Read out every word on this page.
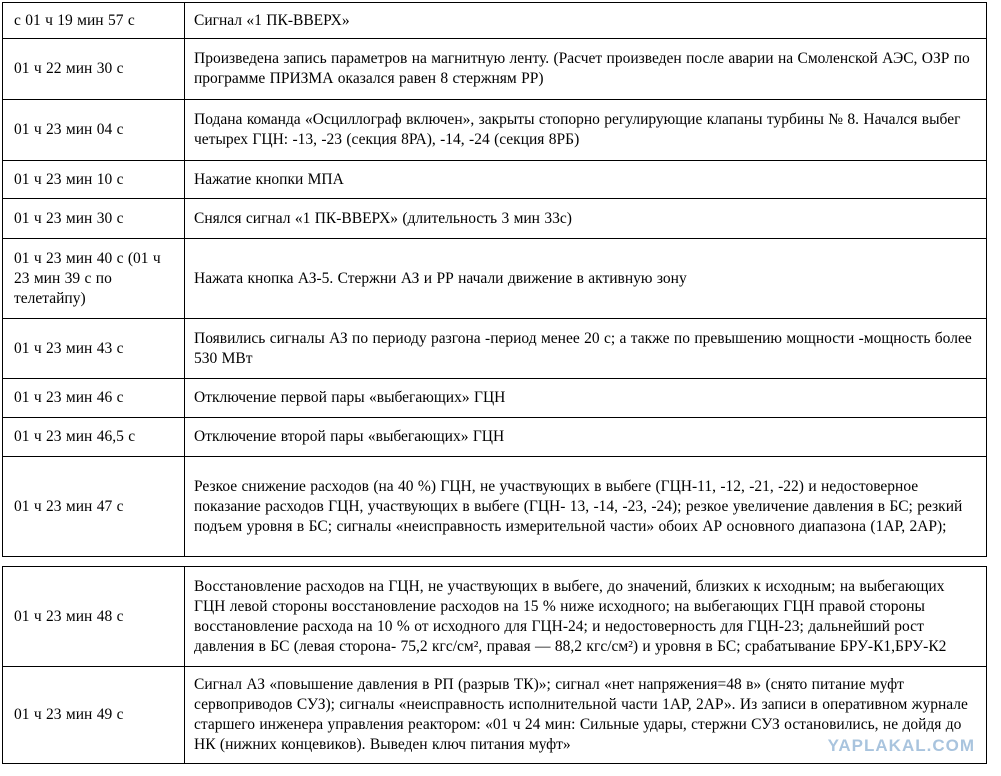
с 01 ч 19 мин 57 с	Сигнал «1 ПК-ВВЕРХ»
01 ч 22 мин 30 с	Произведена запись параметров на магнитную ленту. (Расчет произведен после аварии на Смоленской АЭС, ОЗР по программе ПРИЗМА оказался равен 8 стержням РР)
01 ч 23 мин 04 с	Подана команда «Осциллограф включен», закрыты стопорно регулирующие клапаны турбины № 8. Начался выбег четырех ГЦН: -13, -23 (секция 8РА), -14, -24 (секция 8РБ)
01 ч 23 мин 10 с	Нажатие кнопки МПА
01 ч 23 мин 30 с	Снялся сигнал «1 ПК-ВВЕРХ» (длительность 3 мин 33с)
01 ч 23 мин 40 с (01 ч 23 мин 39 с по телетайпу)	Нажата кнопка АЗ-5. Стержни АЗ и РР начали движение в активную зону
01 ч 23 мин 43 с	Появились сигналы АЗ по периоду разгона -период менее 20 с; а также по превышению мощности -мощность более 530 МВт
01 ч 23 мин 46 с	Отключение первой пары «выбегающих» ГЦН
01 ч 23 мин 46,5 с	Отключение второй пары «выбегающих» ГЦН
01 ч 23 мин 47 с	Резкое снижение расходов (на 40 %) ГЦН, не участвующих в выбеге (ГЦН-11, -12, -21, -22) и недостоверное показание расходов ГЦН, участвующих в выбеге (ГЦН- 13, -14, -23, -24); резкое увеличение давления в БС; резкий подъем уровня в БС; сигналы «неисправность измерительной части» обоих АР основного диапазона (1АР, 2АР);
01 ч 23 мин 48 с	Восстановление расходов на ГЦН, не участвующих в выбеге, до значений, близких к исходным; на выбегающих ГЦН левой стороны восстановление расходов на 15 % ниже исходного; на выбегающих ГЦН правой стороны восстановление расхода на 10 % от исходного для ГЦН-24; и недостоверность для ГЦН-23; дальнейший рост давления в БС (левая сторона- 75,2 кгс/см², правая — 88,2 кгс/см²) и уровня в БС; срабатывание БРУ-К1,БРУ-К2
01 ч 23 мин 49 с	Сигнал АЗ «повышение давления в РП (разрыв ТК)»; сигнал «нет напряжения=48 в» (снято питание муфт сервоприводов СУЗ); сигналы «неисправность исполнительной части 1АР, 2АР». Из записи в оперативном журнале старшего инженера управления реактором: «01 ч 24 мин: Сильные удары, стержни СУЗ остановились, не дойдя до НК (нижних концевиков). Выведен ключ питания муфт»	YAPLAKAL.COM
